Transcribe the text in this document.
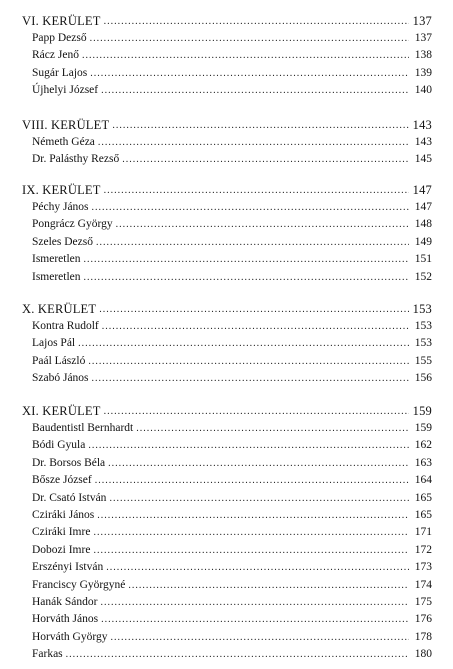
VI. KERÜLET .....	137
Papp Dezső .....	137
Rácz Jenő .....	138
Sugár Lajos .....	139
Újhelyi József .....	140
VIII. KERÜLET .....	143
Németh Géza .....	143
Dr. Palásthy Rezső .....	145
IX. KERÜLET .....	147
Péchy János .....	147
Pongrácz György .....	148
Szeles Dezső .....	149
Ismeretlen .....	151
Ismeretlen .....	152
X. KERÜLET .....	153
Kontra Rudolf .....	153
Lajos Pál .....	153
Paál László .....	155
Szabó János .....	156
XI. KERÜLET .....	159
Baudentistl Bernhardt .....	159
Bódi Gyula .....	162
Dr. Borsos Béla .....	163
Bősze József .....	164
Dr. Csató István .....	165
Cziráki János .....	165
Cziráki Imre .....	171
Dobozi Imre .....	172
Erszényi István .....	173
Franciscy Györgyné .....	174
Hanák Sándor .....	175
Horváth János .....	176
Horváth György .....	178
Farkas .....	180
